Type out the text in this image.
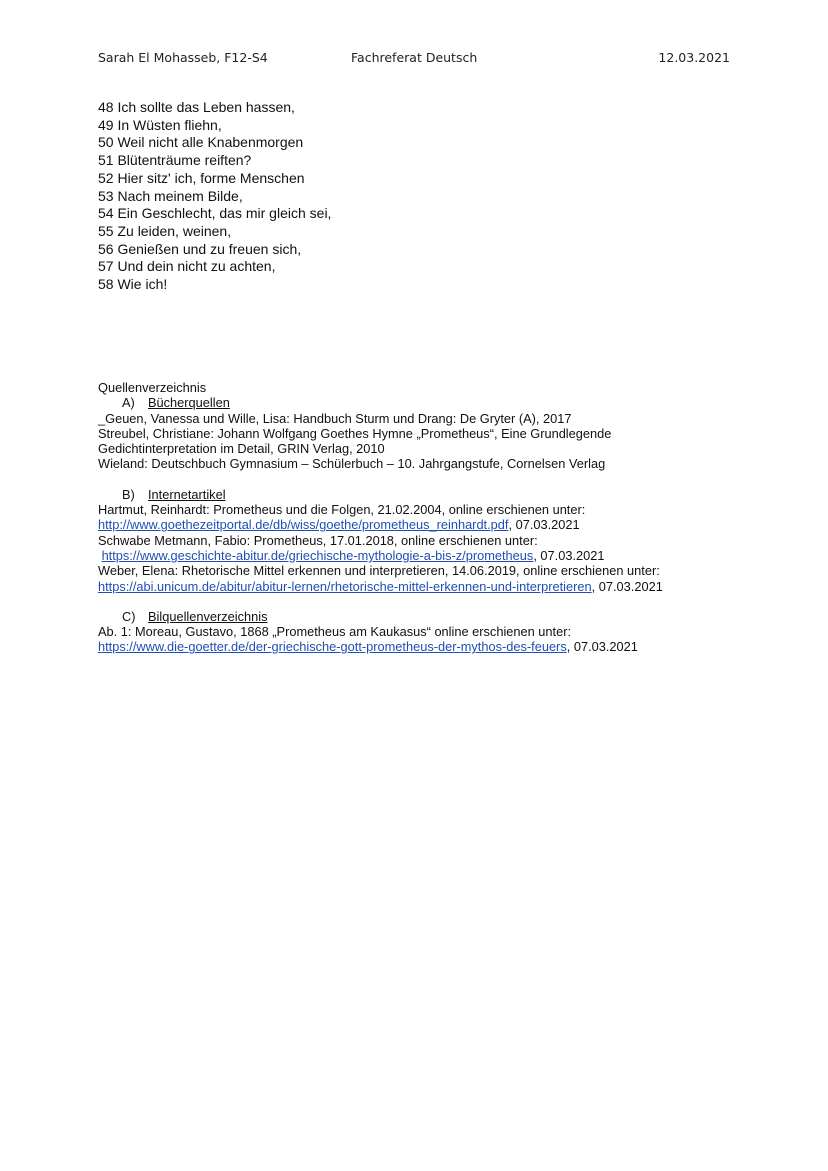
Sarah El Mohasseb, F12-S4	Fachreferat Deutsch	12.03.2021
48 Ich sollte das Leben hassen,
49 In Wüsten fliehn,
50 Weil nicht alle Knabenmorgen
51 Blütenträume reiften?
52 Hier sitz' ich, forme Menschen
53 Nach meinem Bilde,
54 Ein Geschlecht, das mir gleich sei,
55 Zu leiden, weinen,
56 Genießen und zu freuen sich,
57 Und dein nicht zu achten,
58 Wie ich!
Quellenverzeichnis
A) Bücherquellen
_Geuen, Vanessa und Wille, Lisa: Handbuch Sturm und Drang: De Gryter (A), 2017
Streubel, Christiane: Johann Wolfgang Goethes Hymne „Prometheus“, Eine Grundlegende
Gedichtinterpretation im Detail, GRIN Verlag, 2010
Wieland: Deutschbuch Gymnasium – Schülerbuch – 10. Jahrgangstufe, Cornelsen Verlag
B) Internetartikel
Hartmut, Reinhardt: Prometheus und die Folgen, 21.02.2004, online erschienen unter:
http://www.goethezeitportal.de/db/wiss/goethe/prometheus_reinhardt.pdf, 07.03.2021
Schwabe Metmann, Fabio: Prometheus, 17.01.2018, online erschienen unter:
https://www.geschichte-abitur.de/griechische-mythologie-a-bis-z/prometheus, 07.03.2021
Weber, Elena: Rhetorische Mittel erkennen und interpretieren, 14.06.2019, online erschienen unter:
https://abi.unicum.de/abitur/abitur-lernen/rhetorische-mittel-erkennen-und-interpretieren, 07.03.2021
C) Bilquellenverzeichnis
Ab. 1: Moreau, Gustavo, 1868 „Prometheus am Kaukasus“ online erschienen unter:
https://www.die-goetter.de/der-griechische-gott-prometheus-der-mythos-des-feuers, 07.03.2021
